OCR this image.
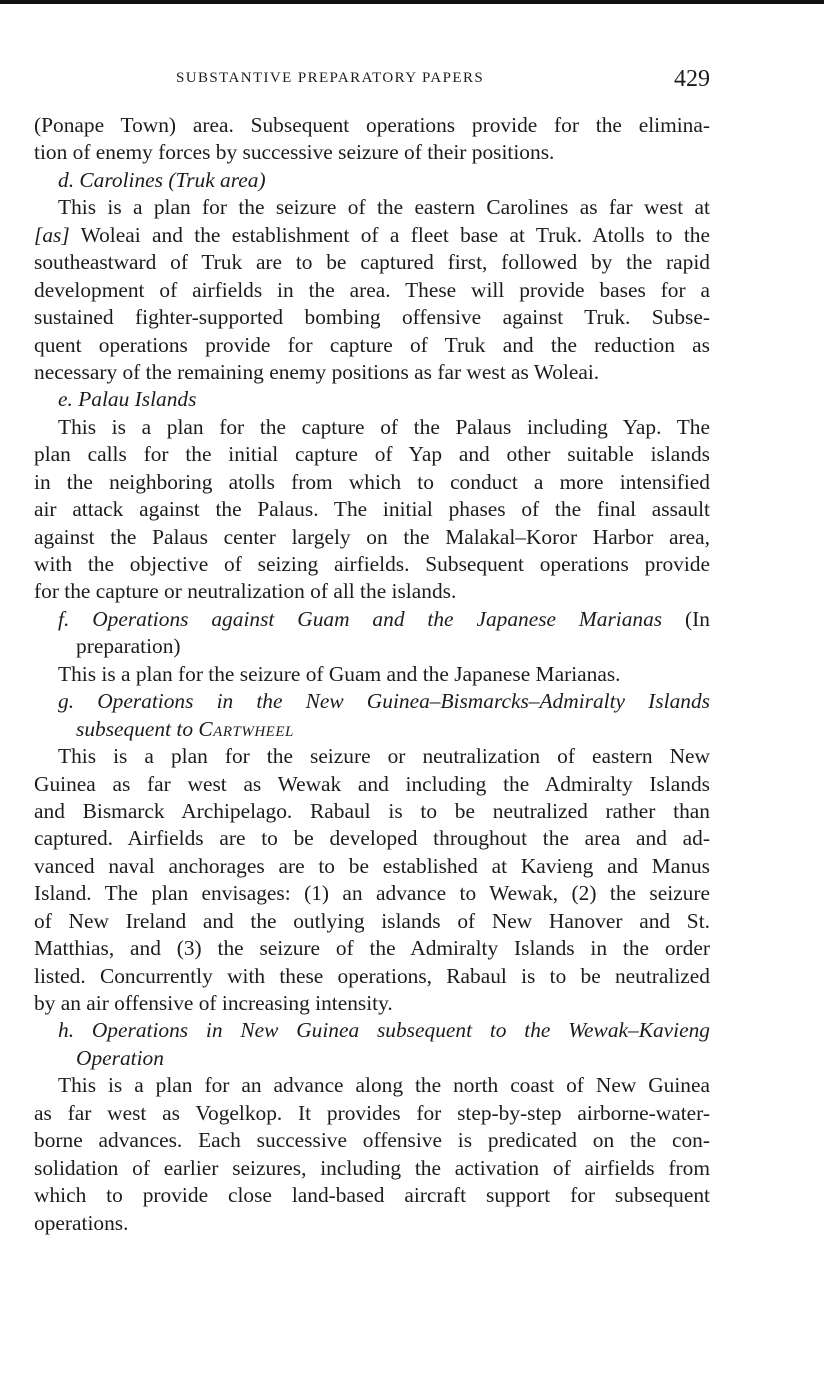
SUBSTANTIVE PREPARATORY PAPERS	429
(Ponape Town) area. Subsequent operations provide for the elimina-
tion of enemy forces by successive seizure of their positions.
d. Carolines (Truk area)
This is a plan for the seizure of the eastern Carolines as far west at
[as] Woleai and the establishment of a fleet base at Truk. Atolls to the
southeastward of Truk are to be captured first, followed by the rapid
development of airfields in the area. These will provide bases for a
sustained fighter-supported bombing offensive against Truk. Subse-
quent operations provide for capture of Truk and the reduction as
necessary of the remaining enemy positions as far west as Woleai.
e. Palau Islands
This is a plan for the capture of the Palaus including Yap. The
plan calls for the initial capture of Yap and other suitable islands
in the neighboring atolls from which to conduct a more intensified
air attack against the Palaus. The initial phases of the final assault
against the Palaus center largely on the Malakal–Koror Harbor area,
with the objective of seizing airfields. Subsequent operations provide
for the capture or neutralization of all the islands.
f. Operations against Guam and the Japanese Marianas (In
preparation)
This is a plan for the seizure of Guam and the Japanese Marianas.
g. Operations in the New Guinea–Bismarcks–Admiralty Islands
subsequent to Cartwheel
This is a plan for the seizure or neutralization of eastern New
Guinea as far west as Wewak and including the Admiralty Islands
and Bismarck Archipelago. Rabaul is to be neutralized rather than
captured. Airfields are to be developed throughout the area and ad-
vanced naval anchorages are to be established at Kavieng and Manus
Island. The plan envisages: (1) an advance to Wewak, (2) the seizure
of New Ireland and the outlying islands of New Hanover and St.
Matthias, and (3) the seizure of the Admiralty Islands in the order
listed. Concurrently with these operations, Rabaul is to be neutralized
by an air offensive of increasing intensity.
h. Operations in New Guinea subsequent to the Wewak–Kavieng
Operation
This is a plan for an advance along the north coast of New Guinea
as far west as Vogelkop. It provides for step-by-step airborne-water-
borne advances. Each successive offensive is predicated on the con-
solidation of earlier seizures, including the activation of airfields from
which to provide close land-based aircraft support for subsequent
operations.
